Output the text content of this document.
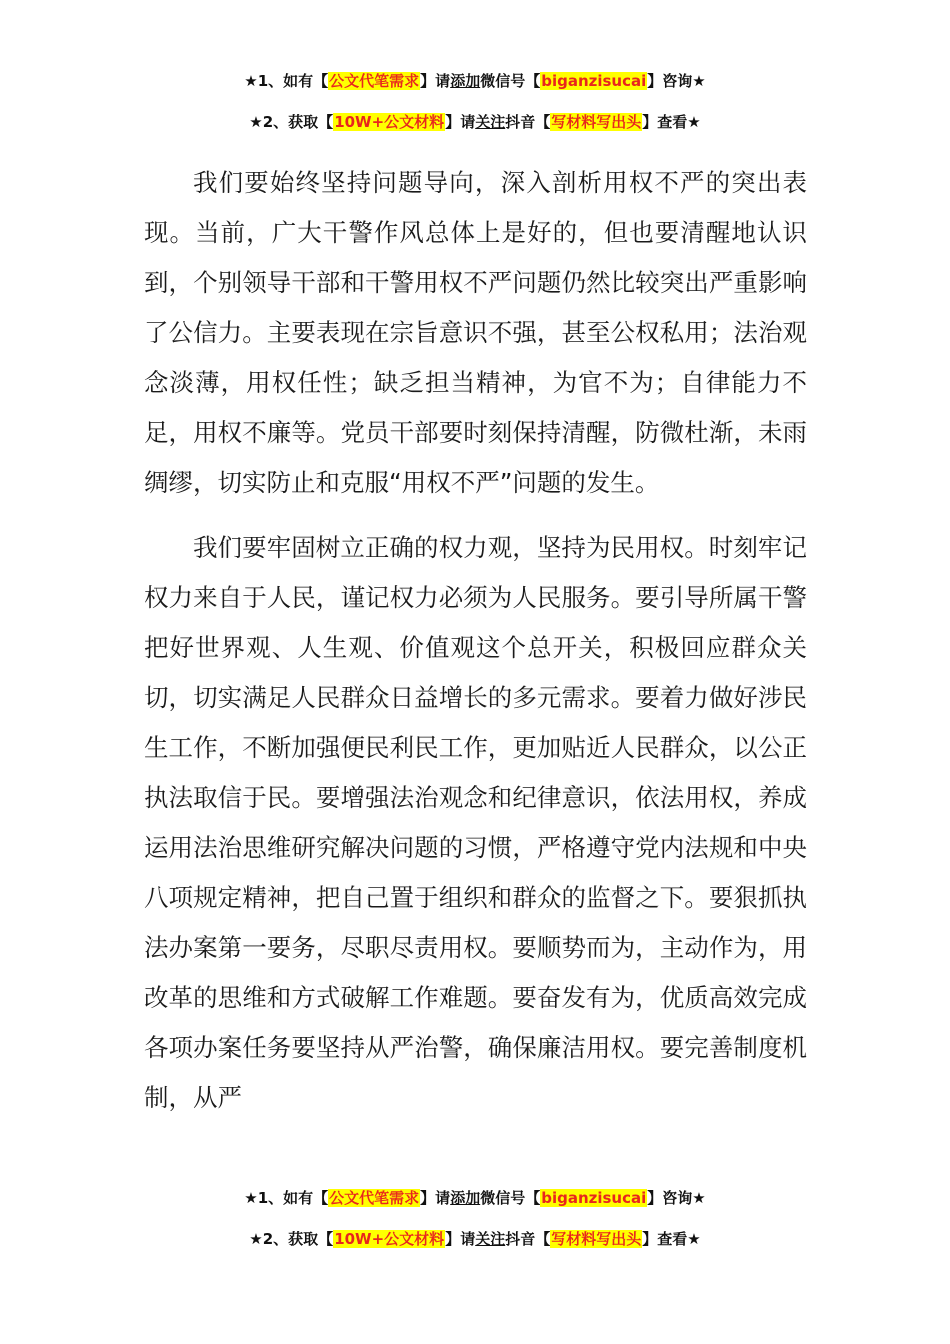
★1、如有【公文代笔需求】请添加微信号【biganzisucai】咨询★
★2、获取【10W+公文材料】请关注抖音【写材料写出头】查看★

我们要始终坚持问题导向，深入剖析用权不严的突出表现。当前，广大干警作风总体上是好的，但也要清醒地认识到，个别领导干部和干警用权不严问题仍然比较突出严重影响了公信力。主要表现在宗旨意识不强，甚至公权私用；法治观念淡薄，用权任性；缺乏担当精神，为官不为；自律能力不足，用权不廉等。党员干部要时刻保持清醒，防微杜渐，未雨绸缪，切实防止和克服“用权不严”问题的发生。

我们要牢固树立正确的权力观，坚持为民用权。时刻牢记权力来自于人民，谨记权力必须为人民服务。要引导所属干警把好世界观、人生观、价值观这个总开关，积极回应群众关切，切实满足人民群众日益增长的多元需求。要着力做好涉民生工作，不断加强便民利民工作，更加贴近人民群众，以公正执法取信于民。要增强法治观念和纪律意识，依法用权，养成运用法治思维研究解决问题的习惯，严格遵守党内法规和中央八项规定精神，把自己置于组织和群众的监督之下。要狠抓执法办案第一要务，尽职尽责用权。要顺势而为，主动作为，用改革的思维和方式破解工作难题。要奋发有为，优质高效完成各项办案任务要坚持从严治警，确保廉洁用权。要完善制度机制，从严

★1、如有【公文代笔需求】请添加微信号【biganzisucai】咨询★
★2、获取【10W+公文材料】请关注抖音【写材料写出头】查看★
